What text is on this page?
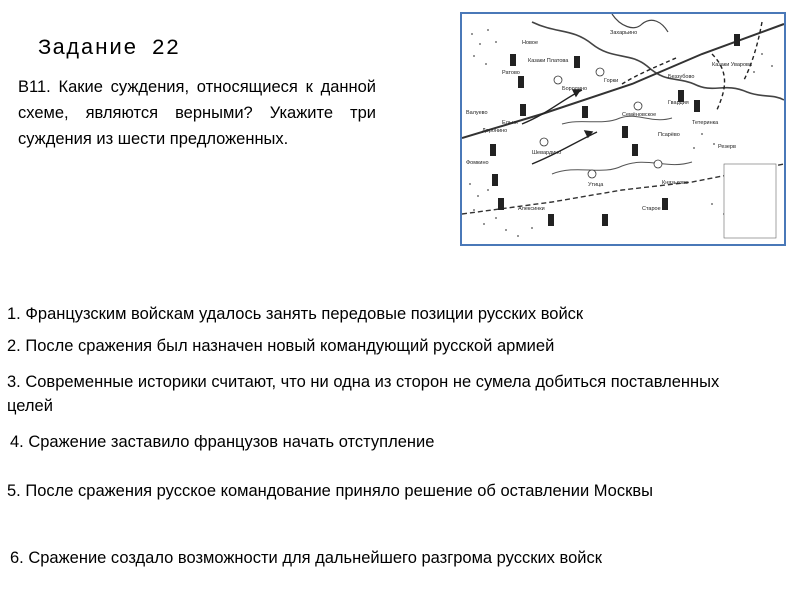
Задание 22
В11. Какие суждения, относящиеся к данной схеме, являются верными? Укажите три суждения из шести предложенных.
Захарьино
Бородино
Беззубово
Горки
Семёновское
Утица
Ельня
Шевардино
Фомкино
Доронино
Псарёво
Тетеринка
Новое
Валуево
Алексинки	Старое
Ратово
Князьково
Казаки Платова
Казаки Уварова
Гвардия
Резерв
1. Французским войскам удалось занять передовые позиции русских войск
2. После сражения был назначен новый командующий русской армией
3. Современные историки считают, что ни одна из сторон не сумела добиться поставленных целей
4. Сражение заставило французов начать отступление
5. После сражения русское командование приняло решение об оставлении Москвы
6. Сражение создало возможности для дальнейшего разгрома русских войск
